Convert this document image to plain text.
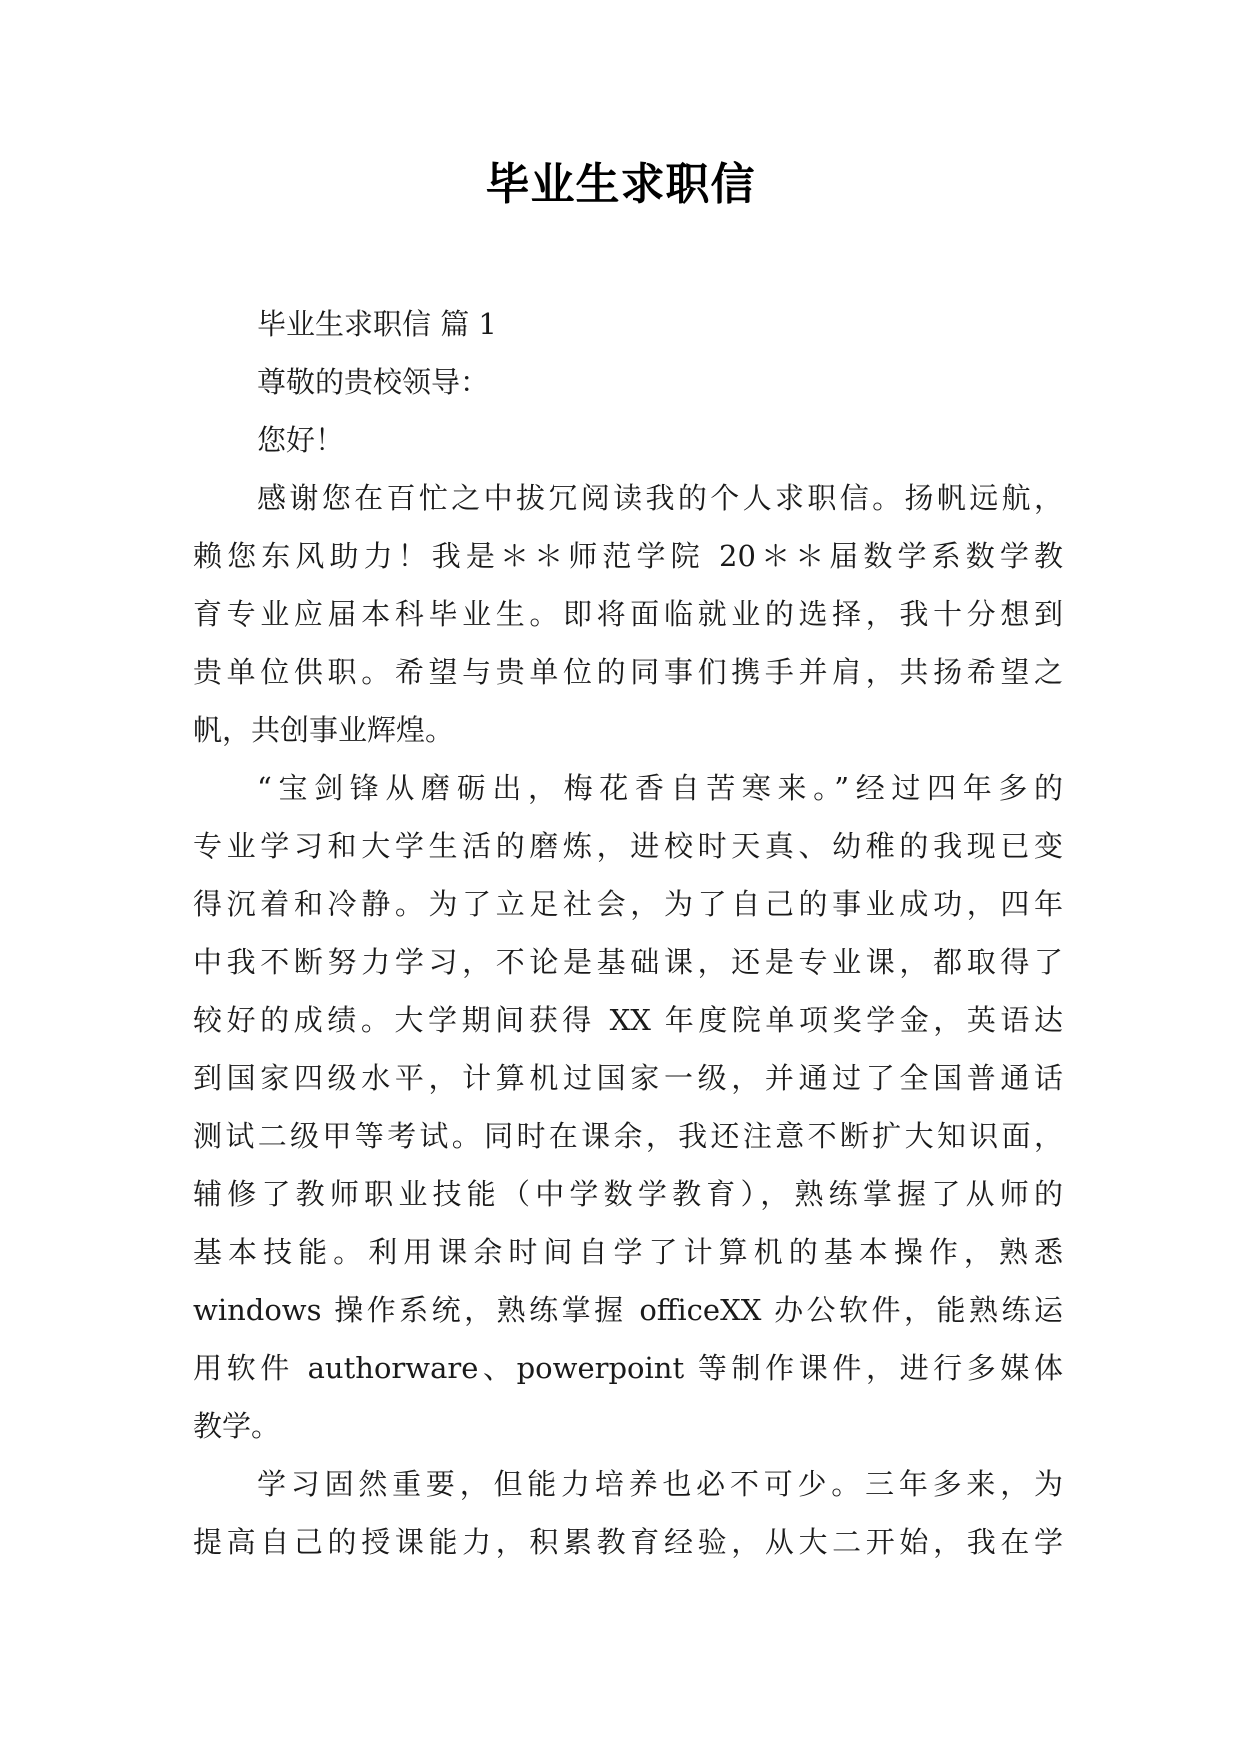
毕业生求职信
毕业生求职信 篇 1
尊敬的贵校领导：
您好！
感谢您在百忙之中拔冗阅读我的个人求职信。扬帆远航，
赖您东风助力！我是＊＊师范学院 20＊＊届数学系数学教
育专业应届本科毕业生。即将面临就业的选择，我十分想到
贵单位供职。希望与贵单位的同事们携手并肩，共扬希望之
帆，共创事业辉煌。
“宝剑锋从磨砺出，梅花香自苦寒来。”经过四年多的
专业学习和大学生活的磨炼，进校时天真、幼稚的我现已变
得沉着和冷静。为了立足社会，为了自己的事业成功，四年
中我不断努力学习，不论是基础课，还是专业课，都取得了
较好的成绩。大学期间获得 XX 年度院单项奖学金，英语达
到国家四级水平，计算机过国家一级，并通过了全国普通话
测试二级甲等考试。同时在课余，我还注意不断扩大知识面，
辅修了教师职业技能（中学数学教育），熟练掌握了从师的
基本技能。利用课余时间自学了计算机的基本操作，熟悉
windows 操作系统，熟练掌握 officeXX 办公软件，能熟练运
用软件 authorware、powerpoint 等制作课件，进行多媒体
教学。
学习固然重要，但能力培养也必不可少。三年多来，为
提高自己的授课能力，积累教育经验，从大二开始，我在学
